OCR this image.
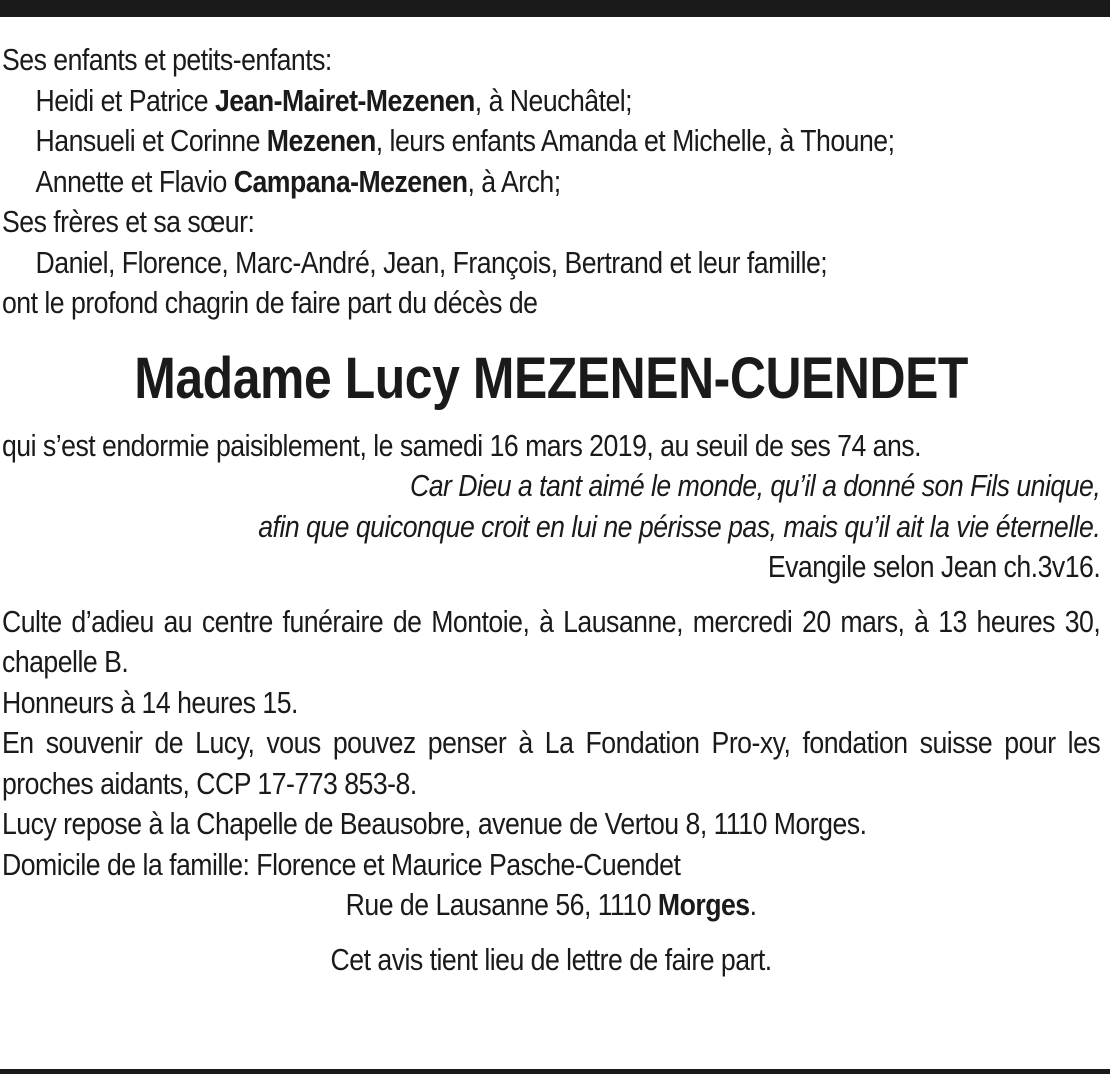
Ses enfants et petits-enfants:
Heidi et Patrice Jean-Mairet-Mezenen, à Neuchâtel;
Hansueli et Corinne Mezenen, leurs enfants Amanda et Michelle, à Thoune;
Annette et Flavio Campana-Mezenen, à Arch;
Ses frères et sa sœur:
Daniel, Florence, Marc-André, Jean, François, Bertrand et leur famille;
ont le profond chagrin de faire part du décès de
Madame Lucy MEZENEN-CUENDET
qui s’est endormie paisiblement, le samedi 16 mars 2019, au seuil de ses 74 ans.
Car Dieu a tant aimé le monde, qu’il a donné son Fils unique,
afin que quiconque croit en lui ne périsse pas, mais qu’il ait la vie éternelle.
Evangile selon Jean ch.3v16.
Culte d’adieu au centre funéraire de Montoie, à Lausanne, mercredi 20 mars, à 13 heures 30, chapelle B.
Honneurs à 14 heures 15.
En souvenir de Lucy, vous pouvez penser à La Fondation Pro-xy, fondation suisse pour les proches aidants, CCP 17-773 853-8.
Lucy repose à la Chapelle de Beausobre, avenue de Vertou 8, 1110 Morges.
Domicile de la famille: Florence et Maurice Pasche-Cuendet
Rue de Lausanne 56, 1110 Morges.
Cet avis tient lieu de lettre de faire part.
